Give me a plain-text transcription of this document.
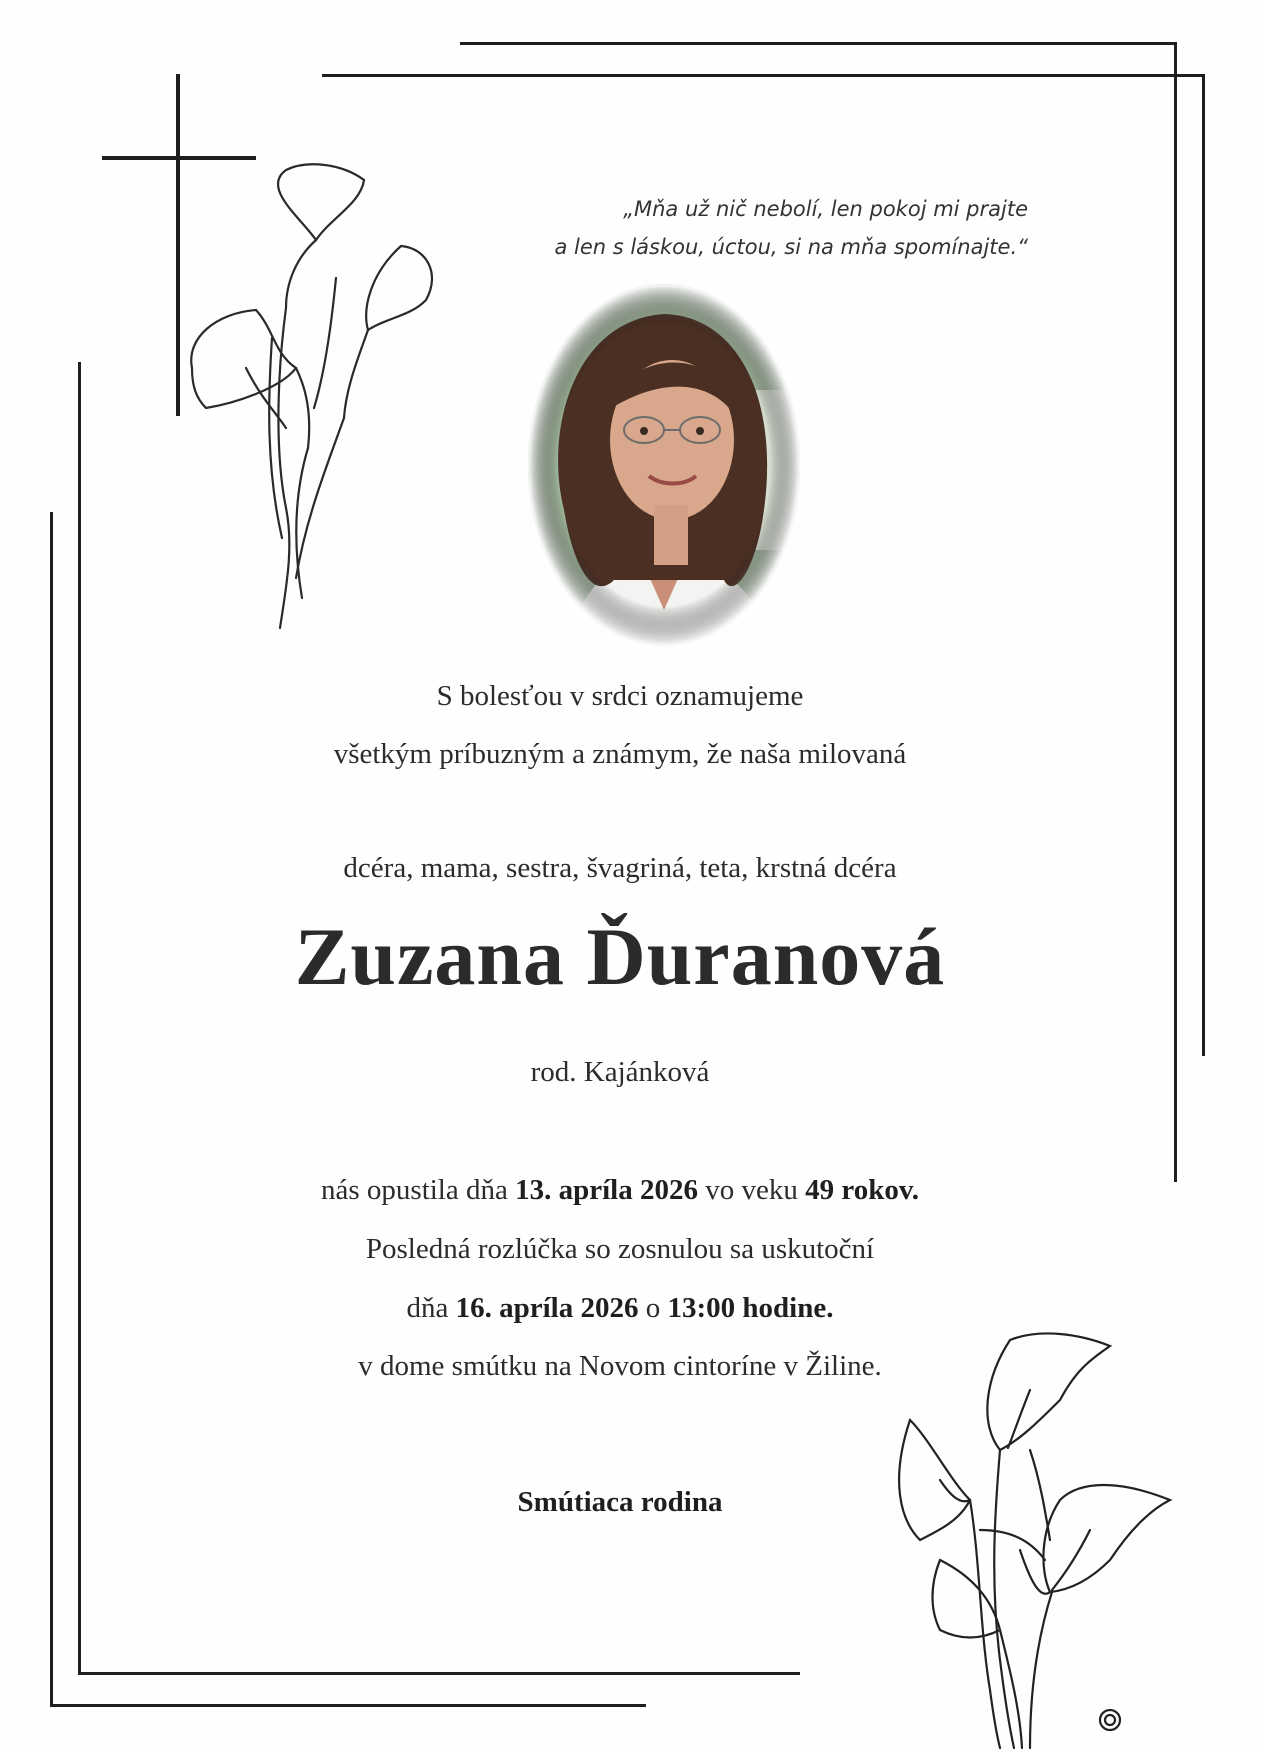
„Mňa už nič nebolí, len pokoj mi prajte
a len s láskou, úctou, si na mňa spomínajte.“
S bolesťou v srdci oznamujeme
všetkým príbuzným a známym, že naša milovaná
dcéra, mama, sestra, švagriná, teta, krstná dcéra
Zuzana Ďuranová
rod. Kajánková
nás opustila dňa 13. apríla 2026 vo veku 49 rokov.
Posledná rozlúčka so zosnulou sa uskutoční
dňa 16. apríla 2026 o 13:00 hodine.
v dome smútku na Novom cintoríne v Žiline.
Smútiaca rodina
